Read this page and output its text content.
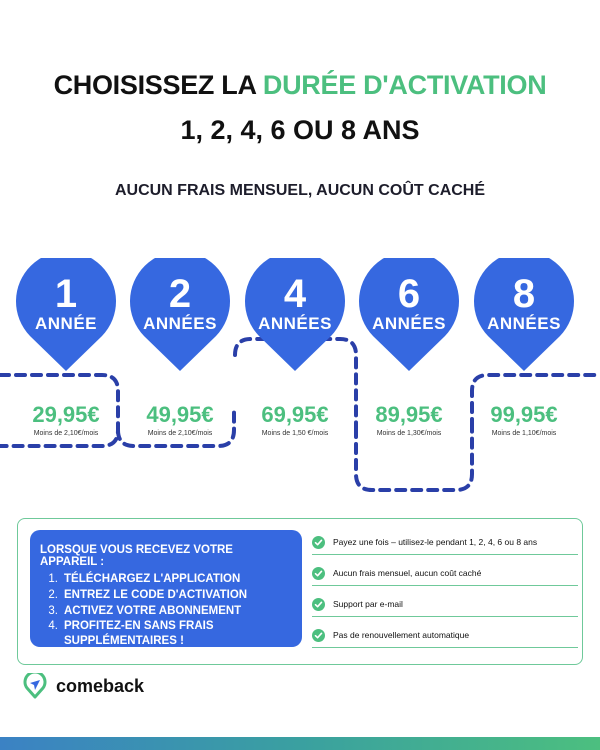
CHOISISSEZ LA DURÉE D'ACTIVATION
1, 2, 4, 6 OU 8 ANS
AUCUN FRAIS MENSUEL, AUCUN COÛT CACHÉ
1
ANNÉE
2
ANNÉES
4
ANNÉES
6
ANNÉES
8
ANNÉES
29,95€	49,95€	69,95€	89,95€	99,95€
Moins de 2,10€/mois	Moins de 2,10€/mois	Moins de 1,50 €/mois	Moins de 1,30€/mois	Moins de 1,10€/mois
LORSQUE VOUS RECEVEZ VOTRE APPAREIL :
1. TÉLÉCHARGEZ L'APPLICATION
2. ENTREZ LE CODE D'ACTIVATION
3. ACTIVEZ VOTRE ABONNEMENT
4. PROFITEZ-EN SANS FRAIS SUPPLÉMENTAIRES !
Payez une fois – utilisez-le pendant 1, 2, 4, 6 ou 8 ans
Aucun frais mensuel, aucun coût caché
Support par e-mail
Pas de renouvellement automatique
comeback
